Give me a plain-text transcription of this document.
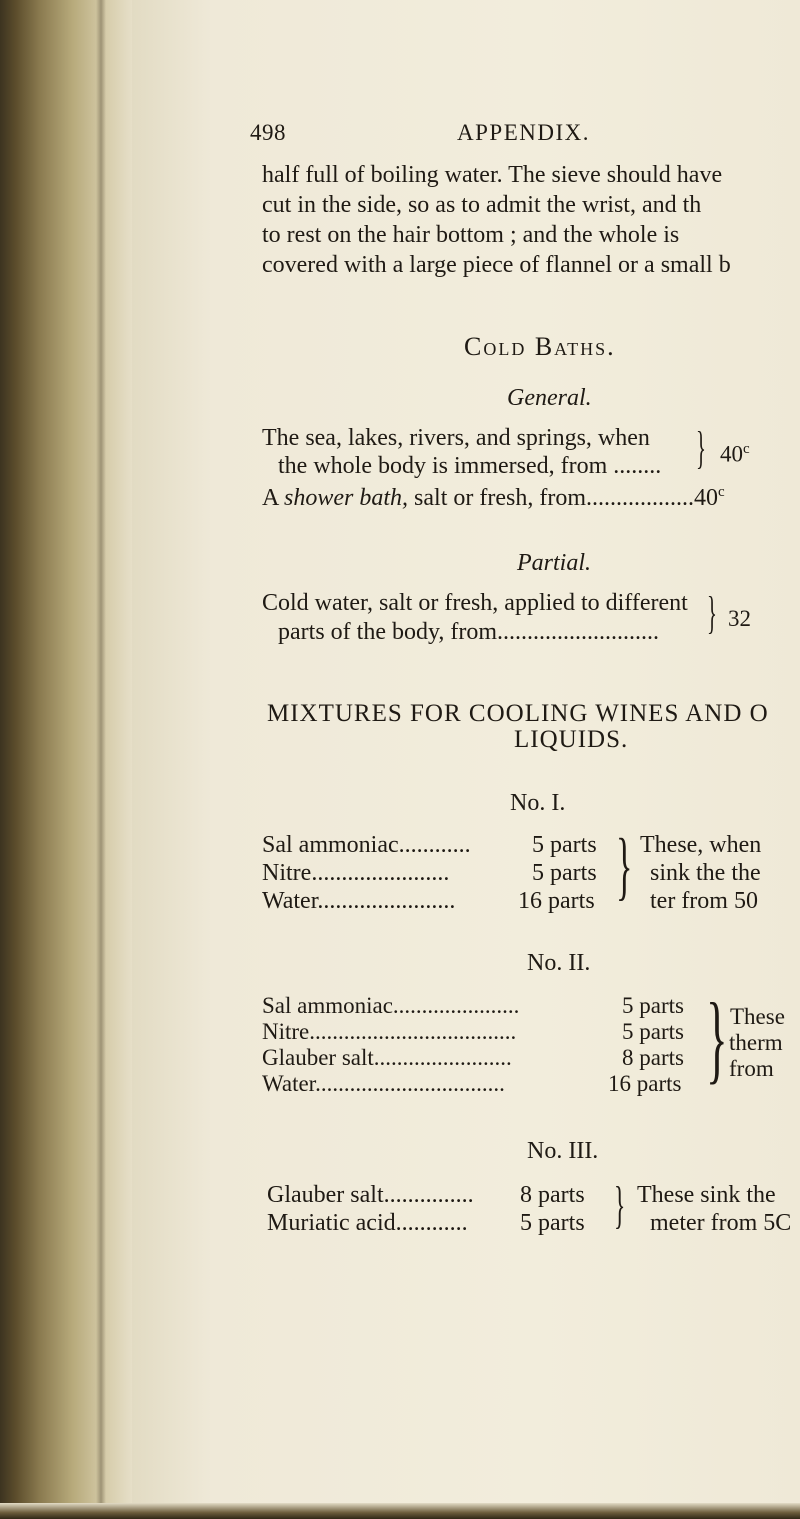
498	APPENDIX.
half full of boiling water. The sieve should have
cut in the side, so as to admit the wrist, and th
to rest on the hair bottom ; and the whole is
covered with a large piece of flannel or a small b
Cold Baths.
General.
The sea, lakes, rivers, and springs, when
the whole body is immersed, from ........ } 40$^c$
A shower bath, salt or fresh, from..................40$^c$
Partial.
Cold water, salt or fresh, applied to different
parts of the body, from........................... } 32
MIXTURES FOR COOLING WINES AND O
LIQUIDS.
No. I.
Sal ammoniac............	5 parts
Nitre.......................	5 parts
Water.......................	16 parts } These, when
sink the the
ter from 50
No. II.
Sal ammoniac......................	5 parts
Nitre....................................	5 parts
Glauber salt........................	8 parts
Water.................................	16 parts } These
therm
from
No. III.
Glauber salt............... 8 parts
Muriatic acid............ 5 parts } These sink the
meter from 5C
